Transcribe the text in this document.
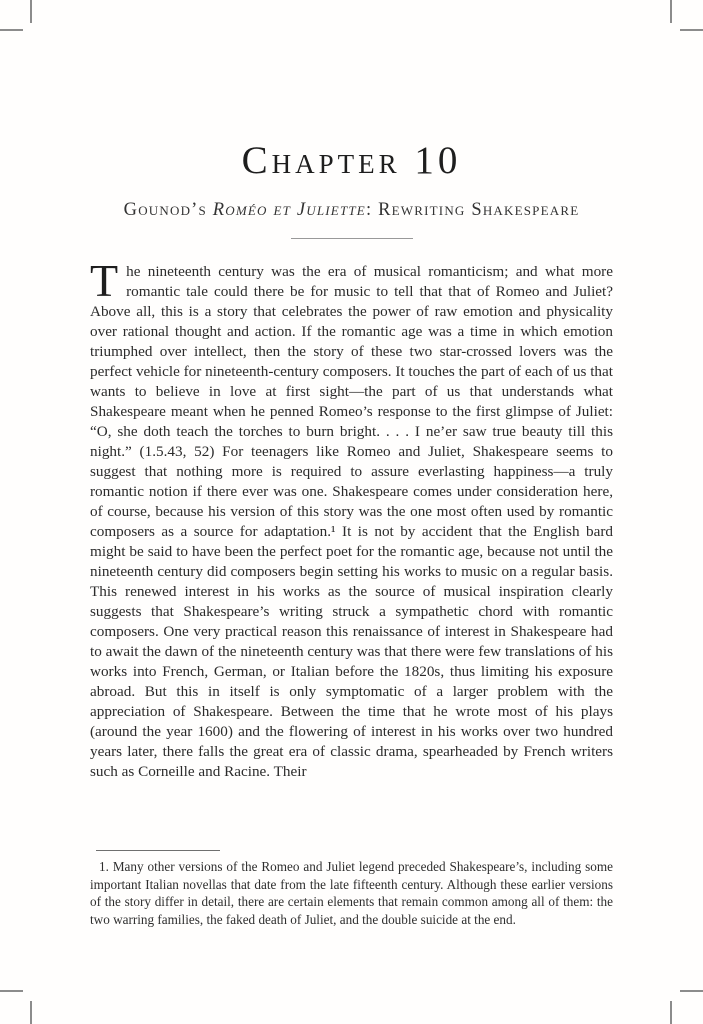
Chapter 10
Gounod’s Roméo et Juliette: Rewriting Shakespeare

The nineteenth century was the era of musical romanticism; and what more romantic tale could there be for music to tell that that of Romeo and Juliet? Above all, this is a story that celebrates the power of raw emotion and physicality over rational thought and action. If the romantic age was a time in which emotion triumphed over intellect, then the story of these two star-crossed lovers was the perfect vehicle for nineteenth-century composers. It touches the part of each of us that wants to believe in love at first sight—the part of us that understands what Shakespeare meant when he penned Romeo’s response to the first glimpse of Juliet: “O, she doth teach the torches to burn bright. . . . I ne’er saw true beauty till this night.” (1.5.43, 52) For teenagers like Romeo and Juliet, Shakespeare seems to suggest that nothing more is required to assure everlasting happiness—a truly romantic notion if there ever was one. Shakespeare comes under consideration here, of course, because his version of this story was the one most often used by romantic composers as a source for adaptation.¹ It is not by accident that the English bard might be said to have been the perfect poet for the romantic age, because not until the nineteenth century did composers begin setting his works to music on a regular basis. This renewed interest in his works as the source of musical inspiration clearly suggests that Shakespeare’s writing struck a sympathetic chord with romantic composers. One very practical reason this renaissance of interest in Shakespeare had to await the dawn of the nineteenth century was that there were few translations of his works into French, German, or Italian before the 1820s, thus limiting his exposure abroad. But this in itself is only symptomatic of a larger problem with the appreciation of Shakespeare. Between the time that he wrote most of his plays (around the year 1600) and the flowering of interest in his works over two hundred years later, there falls the great era of classic drama, spearheaded by French writers such as Corneille and Racine. Their

1. Many other versions of the Romeo and Juliet legend preceded Shakespeare’s, including some important Italian novellas that date from the late fifteenth century. Although these earlier versions of the story differ in detail, there are certain elements that remain common among all of them: the two warring families, the faked death of Juliet, and the double suicide at the end.
